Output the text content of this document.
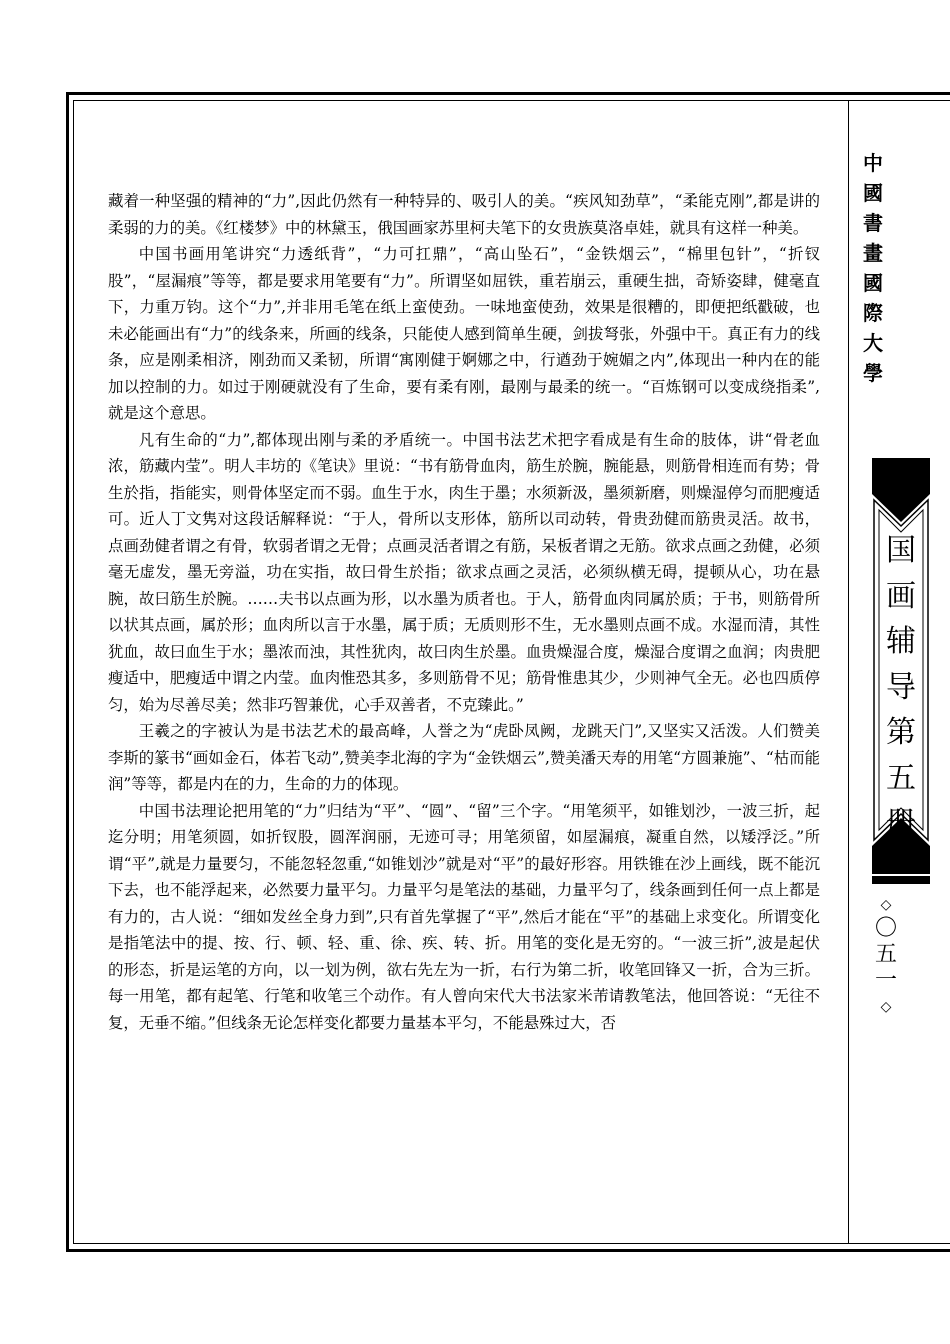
藏着一种坚强的精神的“力”,因此仍然有一种特异的、吸引人的美。“疾风知劲草”，“柔能克刚”,都是讲的柔弱的力的美。《红楼梦》中的林黛玉，俄国画家苏里柯夫笔下的女贵族莫洛卓娃，就具有这样一种美。

中国书画用笔讲究“力透纸背”，“力可扛鼎”，“高山坠石”，“金铁烟云”，“棉里包针”，“折钗股”，“屋漏痕”等等，都是要求用笔要有“力”。所谓坚如屈铁，重若崩云，重硬生拙，奇矫姿肆，健毫直下，力重万钧。这个“力”,并非用毛笔在纸上蛮使劲。一味地蛮使劲，效果是很糟的，即便把纸戳破，也未必能画出有“力”的线条来，所画的线条，只能使人感到简单生硬，剑拔弩张，外强中干。真正有力的线条，应是刚柔相济，刚劲而又柔韧，所谓“寓刚健于婀娜之中，行遒劲于婉媚之内”,体现出一种内在的能加以控制的力。如过于刚硬就没有了生命，要有柔有刚，最刚与最柔的统一。“百炼钢可以变成绕指柔”,就是这个意思。

凡有生命的“力”,都体现出刚与柔的矛盾统一。中国书法艺术把字看成是有生命的肢体，讲“骨老血浓，筋藏内莹”。明人丰坊的《笔诀》里说：“书有筋骨血肉，筋生於腕，腕能悬，则筋骨相连而有势；骨生於指，指能实，则骨体坚定而不弱。血生于水，肉生于墨；水须新汲，墨须新磨，则燥湿停匀而肥瘦适可。近人丁文隽对这段话解释说：“于人，骨所以支形体，筋所以司动转，骨贵劲健而筋贵灵活。故书，点画劲健者谓之有骨，软弱者谓之无骨；点画灵活者谓之有筋，呆板者谓之无筋。欲求点画之劲健，必须毫无虚发，墨无旁溢，功在实指，故曰骨生於指；欲求点画之灵活，必须纵横无碍，提顿从心，功在悬腕，故曰筋生於腕。……夫书以点画为形，以水墨为质者也。于人，筋骨血肉同属於质；于书，则筋骨所以状其点画，属於形；血肉所以言于水墨，属于质；无质则形不生，无水墨则点画不成。水湿而清，其性犹血，故曰血生于水；墨浓而浊，其性犹肉，故曰肉生於墨。血贵燥湿合度，燥湿合度谓之血润；肉贵肥瘦适中，肥瘦适中谓之内莹。血肉惟恐其多，多则筋骨不见；筋骨惟患其少，少则神气全无。必也四质停匀，始为尽善尽美；然非巧智兼优，心手双善者，不克臻此。”

王羲之的字被认为是书法艺术的最高峰，人誉之为“虎卧凤阙，龙跳天门”,又坚实又活泼。人们赞美李斯的篆书“画如金石，体若飞动”,赞美李北海的字为“金铁烟云”,赞美潘天寿的用笔“方圆兼施”、“枯而能润”等等，都是内在的力，生命的力的体现。

中国书法理论把用笔的“力”归结为“平”、“圆”、“留”三个字。“用笔须平，如锥划沙，一波三折，起迄分明；用笔须圆，如折钗股，圆浑润丽，无迹可寻；用笔须留，如屋漏痕，凝重自然，以矮浮泛。”所谓“平”,就是力量要匀，不能忽轻忽重,“如锥划沙”就是对“平”的最好形容。用铁锥在沙上画线，既不能沉下去，也不能浮起来，必然要力量平匀。力量平匀是笔法的基础，力量平匀了，线条画到任何一点上都是有力的，古人说：“细如发丝全身力到”,只有首先掌握了“平”,然后才能在“平”的基础上求变化。所谓变化是指笔法中的提、按、行、顿、轻、重、徐、疾、转、折。用笔的变化是无穷的。“一波三折”,波是起伏的形态，折是运笔的方向，以一划为例，欲右先左为一折，右行为第二折，收笔回锋又一折，合为三折。每一用笔，都有起笔、行笔和收笔三个动作。有人曾向宋代大书法家米芾请教笔法，他回答说：“无往不复，无垂不缩。”但线条无论怎样变化都要力量基本平匀，不能悬殊过大，否

中國書畫國際大學
国画辅导第五册
◇
〇五一
◇
